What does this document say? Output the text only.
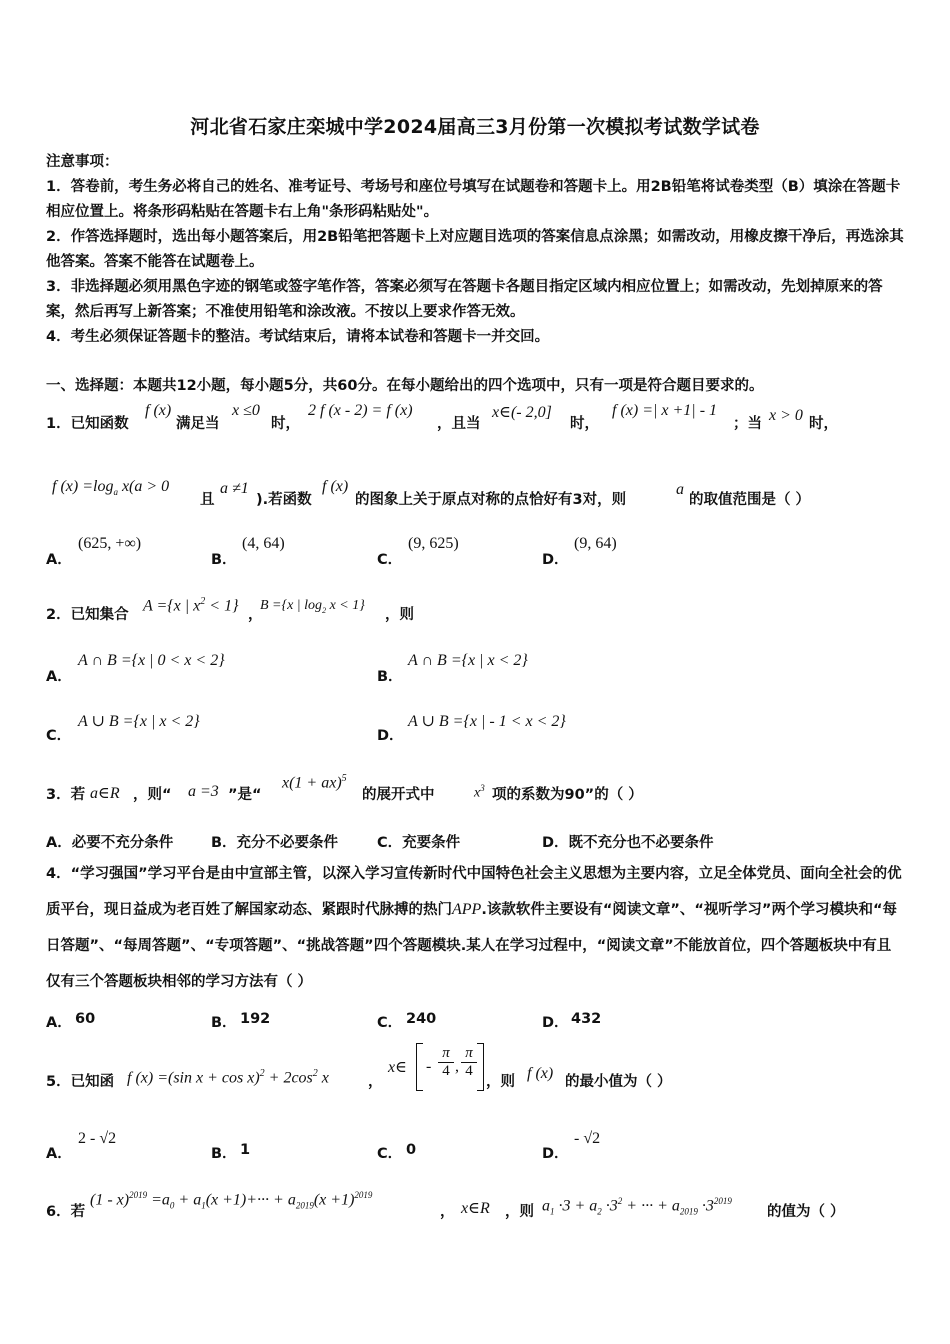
河北省石家庄栾城中学2024届高三3月份第一次模拟考试数学试卷
注意事项：
1．答卷前，考生务必将自己的姓名、准考证号、考场号和座位号填写在试题卷和答题卡上。用2B铅笔将试卷类型（B）填涂在答题卡相应位置上。将条形码粘贴在答题卡右上角"条形码粘贴处"。
2．作答选择题时，选出每小题答案后，用2B铅笔把答题卡上对应题目选项的答案信息点涂黑；如需改动，用橡皮擦干净后，再选涂其他答案。答案不能答在试题卷上。
3．非选择题必须用黑色字迹的钢笔或签字笔作答，答案必须写在答题卡各题目指定区域内相应位置上；如需改动，先划掉原来的答案，然后再写上新答案；不准使用铅笔和涂改液。不按以上要求作答无效。
4．考生必须保证答题卡的整洁。考试结束后，请将本试卷和答题卡一并交回。
一、选择题：本题共12小题，每小题5分，共60分。在每小题给出的四个选项中，只有一项是符合题目要求的。
1．已知函数
f (x)
满足当
x ≤0
时，
2 f (x - 2) = f (x)
，且当
x∈(- 2,0]
时，
f (x) =| x +1| - 1
；当 x > 0 时，
f $(x) =\log_a$ x(a > 0
且
a ≠1
).若函数
f (x)
的图象上关于原点对称的点恰好有3对，则
a
的取值范围是（ ）
A．
(625, +∞)
B．
(4, 64)
C．
(9, 625)
D．
(9, 64)
2．已知集合
A ={x | $x^2 < 1$}
，
B ={x | $\log_2 x < 1$}
，则
A．
A ∩ B ={x | 0 < x < 2}
B．
A ∩ B ={x | x < 2}
C．
A ∪ B ={x | x < 2}
D．
A ∪ B ={x | - 1 < x < 2}
3．若 a∈R ，则“ a =3 ”是“
x(1 + ax)$^5$
的展开式中	$x^3$ 项的系数为90”的（ ）
A．必要不充分条件	B．充分不必要条件	C．充要条件	D．既不充分也不必要条件
4．“学习强国”学习平台是由中宣部主管，以深入学习宣传新时代中国特色社会主义思想为主要内容，立足全体党员、面向全社会的优质平台，现日益成为老百姓了解国家动态、紧跟时代脉搏的热门APP.该款软件主要设有“阅读文章”、“视听学习”两个学习模块和“每日答题”、“每周答题”、“专项答题”、“挑战答题”四个答题模块.某人在学习过程中，“阅读文章”不能放首位，四个答题板块中有且仅有三个答题板块相邻的学习方法有（ ）
A． 60	B． 192	C． 240	D． 432
5．已知函 f (x) =(sin $x + \cos x)^2 + 2\cos^2$ x	，
x∈ - $\frac{\pi}{4}$ , $\frac{\pi}{4}$
，则 f (x) 的最小值为（ ）
A．
2 - √2
B． 1	C． 0	D．
- √2
6．若
$(1 - x)^{2019} =a_0 + a_1(x +1)+\cdot\cdot\cdot + a_{2019}(x +1)^{2019}$
， x∈R ，则 $a_1 \cdot 3 + a_2 \cdot 3^2$ + ··· + $a_{2019} \cdot 3^{2019}$
的值为（ ）
